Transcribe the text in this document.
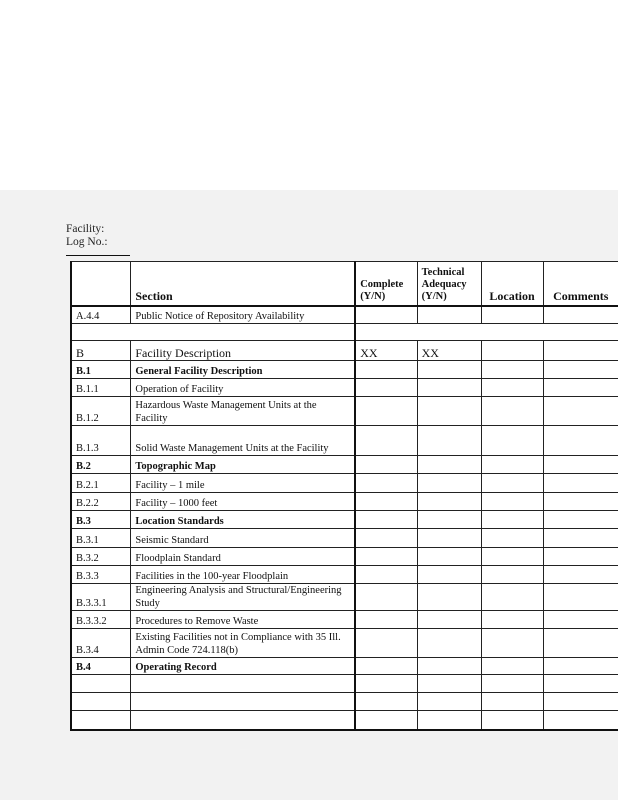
Facility:
Log No.:
	Section	Complete (Y/N)	Technical Adequacy (Y/N)	Location	Comments
A.4.4	Public Notice of Repository Availability				

B	Facility Description	XX	XX		
B.1	General Facility Description				
B.1.1	Operation of Facility				
B.1.2	Hazardous Waste Management Units at the Facility				
B.1.3	Solid Waste Management Units at the Facility				
B.2	Topographic Map				
B.2.1	Facility – 1 mile				
B.2.2	Facility – 1000 feet				
B.3	Location Standards				
B.3.1	Seismic Standard				
B.3.2	Floodplain Standard				
B.3.3	Facilities in the 100-year Floodplain				
B.3.3.1	Engineering Analysis and Structural/Engineering Study				
B.3.3.2	Procedures to Remove Waste				
B.3.4	Existing Facilities not in Compliance with 35 Ill. Admin Code 724.118(b)				
B.4	Operating Record				
